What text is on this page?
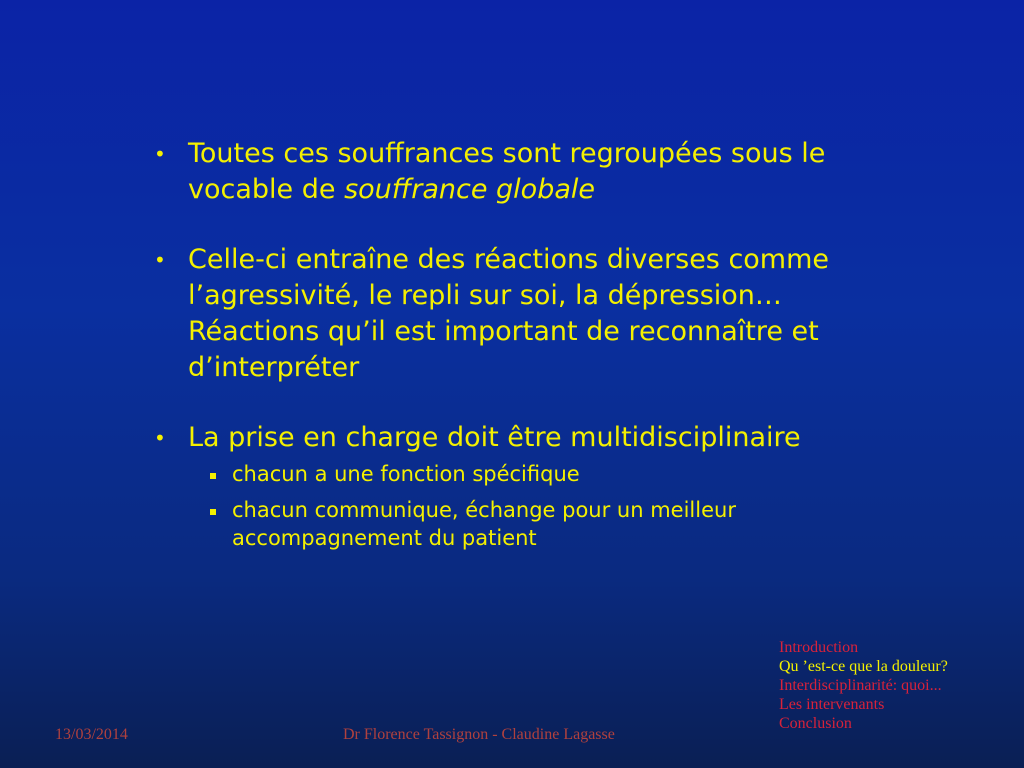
• Toutes ces souffrances sont regroupées sous le vocable de souffrance globale
• Celle-ci entraîne des réactions diverses comme l’agressivité, le repli sur soi, la dépression… Réactions qu’il est important de reconnaître et d’interpréter
• La prise en charge doit être multidisciplinaire
chacun a une fonction spécifique
chacun communique, échange pour un meilleur accompagnement du patient
13/03/2014	Dr Florence Tassignon - Claudine Lagasse
Introduction
Qu ’est-ce que la douleur?
Interdisciplinarité: quoi...
Les intervenants
Conclusion
